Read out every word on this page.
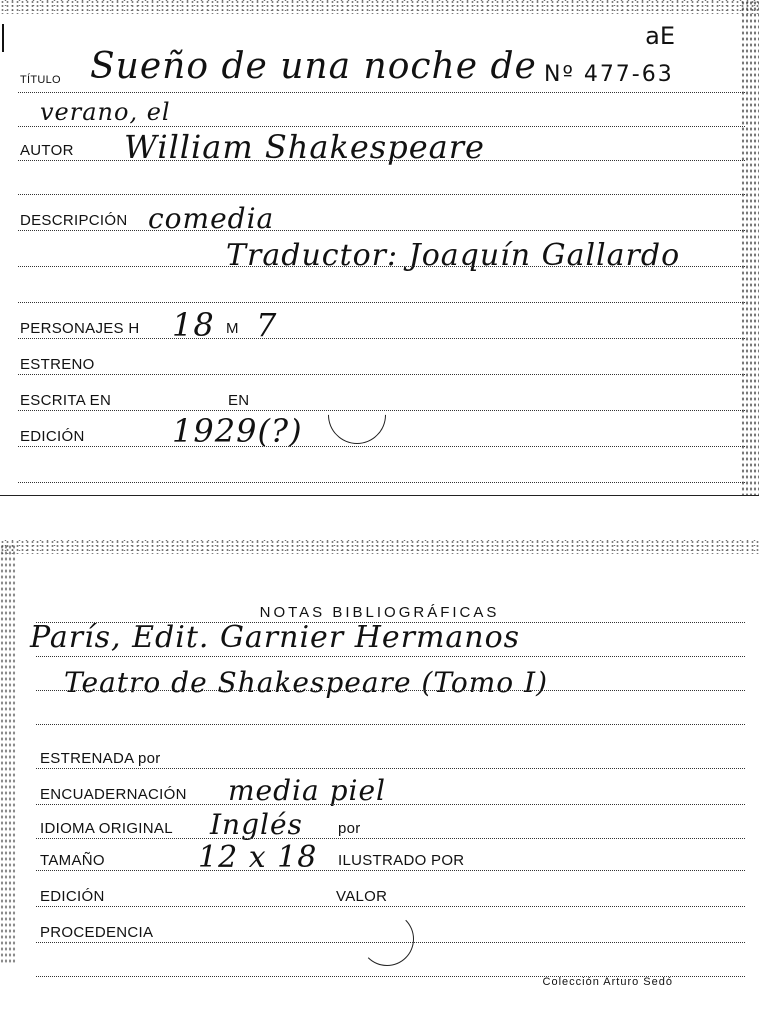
aE
TÍTULO Sueño de una noche de Nº 477-63
verano, el
AUTOR William Shakespeare
DESCRIPCIÓN comedia
Traductor: Joaquín Gallardo
PERSONAJES H 18 M 7
ESTRENO
ESCRITA EN	EN
EDICIÓN	1929(?)
NOTAS BIBLIOGRÁFICAS
París, Edit. Garnier Hermanos
Teatro de Shakespeare (Tomo I)
ESTRENADA por
ENCUADERNACIÓN media piel
IDIOMA ORIGINAL Inglés por
TAMAÑO	12 x 18 ILUSTRADO POR
EDICIÓN	VALOR
PROCEDENCIA
Colección Arturo Sedó
